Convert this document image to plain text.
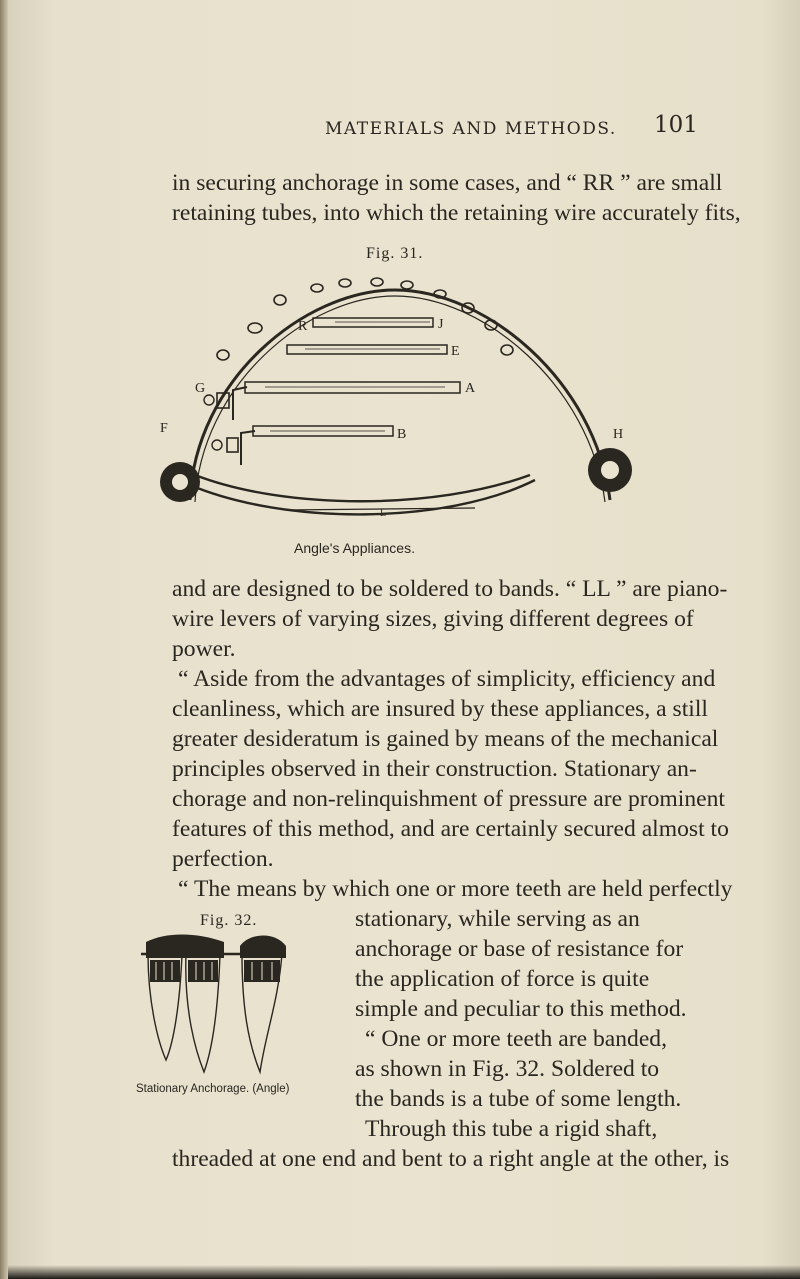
MATERIALS AND METHODS. 101
in securing anchorage in some cases, and “ RR ” are small
retaining tubes, into which the retaining wire accurately fits,
Fig. 31.
R	J
E
G	A
F	H
B
L
Angle's Appliances.
and are designed to be soldered to bands. “ LL ” are piano-
wire levers of varying sizes, giving different degrees of
power.
“ Aside from the advantages of simplicity, efficiency and
cleanliness, which are insured by these appliances, a still
greater desideratum is gained by means of the mechanical
principles observed in their construction. Stationary an-
chorage and non-relinquishment of pressure are prominent
features of this method, and are certainly secured almost to
perfection.
“ The means by which one or more teeth are held perfectly
Fig. 32.
Stationary Anchorage. (Angle)
stationary, while serving as an
anchorage or base of resistance for
the application of force is quite
simple and peculiar to this method.
“ One or more teeth are banded,
as shown in Fig. 32. Soldered to
the bands is a tube of some length.
Through this tube a rigid shaft,
threaded at one end and bent to a right angle at the other, is
